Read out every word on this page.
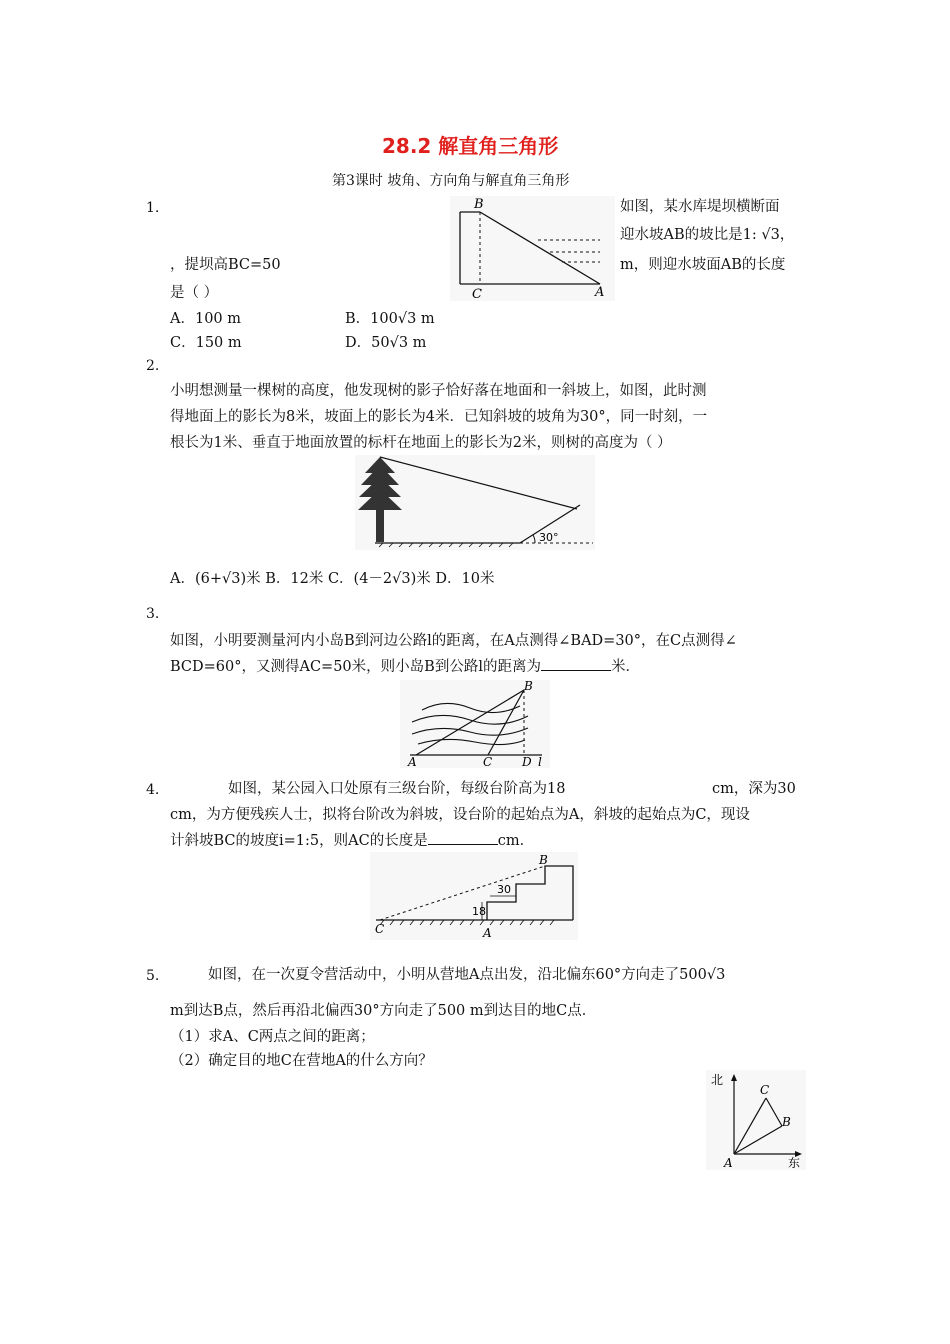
28.2 解直角三角形
第3课时 坡角、方向角与解直角三角形
1.	如图，某水库堤坝横断面
迎水坡AB的坡比是1: √3，
，提坝高BC=50	m，则迎水坡面AB的长度
是（ ）
A．100 m	B．100√3 m
C．150 m	D．50√3 m
B
C	A
2.
小明想测量一棵树的高度，他发现树的影子恰好落在地面和一斜坡上，如图，此时测
得地面上的影长为8米，坡面上的影长为4米．已知斜坡的坡角为30°，同一时刻，一
根长为1米、垂直于地面放置的标杆在地面上的影长为2米，则树的高度为（ ）
30°
A．(6+√3)米 B．12米 C．(4－2√3)米 D．10米
3.
如图，小明要测量河内小岛B到河边公路l的距离，在A点测得∠BAD=30°，在C点测得∠
BCD=60°，又测得AC=50米，则小岛B到公路l的距离为	米．
B
A	C D l
4.	如图，某公园入口处原有三级台阶，每级台阶高为18	cm，深为30
cm，为方便残疾人士，拟将台阶改为斜坡，设台阶的起始点为A，斜坡的起始点为C，现设
计斜坡BC的坡度i=1:5，则AC的长度是	cm．
30
18
B
C	A
5.	如图，在一次夏令营活动中，小明从营地A点出发，沿北偏东60°方向走了500√3
m到达B点，然后再沿北偏西30°方向走了500 m到达目的地C点．
（1）求A、C两点之间的距离；
（2）确定目的地C在营地A的什么方向？
北
东
A
B
C
